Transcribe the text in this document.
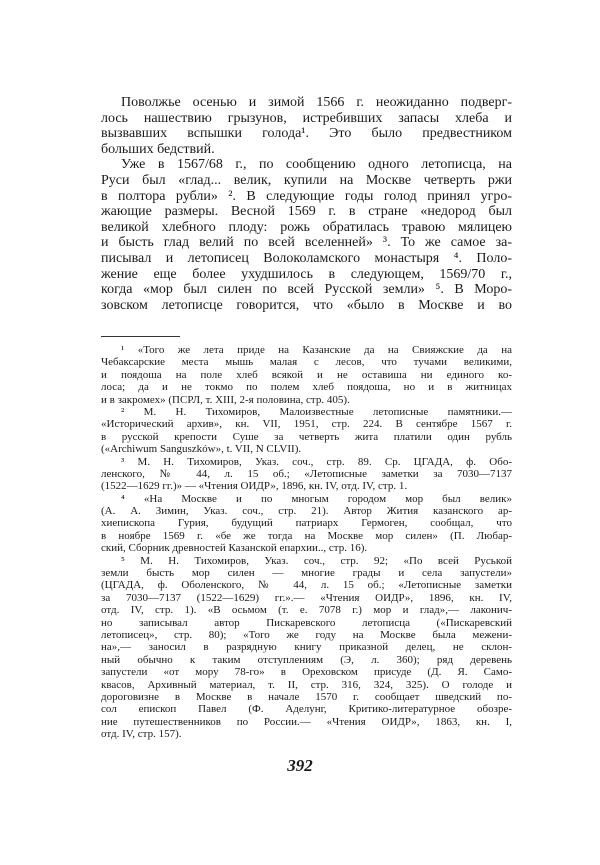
Поволжье осенью и зимой 1566 г. неожиданно подверг-
лось нашествию грызунов, истребивших запасы хлеба и
вызвавших вспышки голода¹. Это было предвестником
больших бедствий.
Уже в 1567/68 г., по сообщению одного летописца, на
Руси был «глад... велик, купили на Москве четверть ржи
в полтора рубли» ². В следующие годы голод принял угро-
жающие размеры. Весной 1569 г. в стране «недород был
великой хлебного плоду: рожь обратилась травою мялицею
и бысть глад велий по всей вселенней» ³. То же самое за-
писывал и летописец Волоколамского монастыря ⁴. Поло-
жение еще более ухудшилось в следующем, 1569/70 г.,
когда «мор был силен по всей Русской земли» ⁵. В Моро-
зовском летописце говорится, что «было в Москве и во
¹ «Того же лета приде на Казанские да на Свияжские да на
Чебаксарские места мышь малая с лесов, что тучами великими,
и поядоша на поле хлеб всякой и не оставиша ни единого ко-
лоса; да и не токмо по полем хлеб поядоша, но и в житницах
и в закромех» (ПСРЛ, т. XIII, 2-я половина, стр. 405).
² М. Н. Тихомиров, Малоизвестные летописные памятники.—
«Исторический архив», кн. VII, 1951, стр. 224. В сентябре 1567 г.
в русской крепости Суше за четверть жита платили один рубль
(«Archiwum Sanguszków», t. VII, N CLVII).
³ М. Н. Тихомиров, Указ. соч., стр. 89. Ср. ЦГАДА, ф. Обо-
ленского, № 44, л. 15 об.; «Летописные заметки за 7030—7137
(1522—1629 гг.)» — «Чтения ОИДР», 1896, кн. IV, отд. IV, стр. 1.
⁴ «На Москве и по многым городом мор был велик»
(А. А. Зимин, Указ. соч., стр. 21). Автор Жития казанского ар-
хиепископа Гурия, будущий патриарх Гермоген, сообщал, что
в ноябре 1569 г. «бе же тогда на Москве мор силен» (П. Любар-
ский, Сборник древностей Казанской епархии.., стр. 16).
⁵ М. Н. Тихомиров, Указ. соч., стр. 92; «По всей Руськой
земли бысть мор силен — многие грады и села запустели»
(ЦГАДА, ф. Оболенского, № 44, л. 15 об.; «Летописные заметки
за 7030—7137 (1522—1629) гг.».— «Чтения ОИДР», 1896, кн. IV,
отд. IV, стр. 1). «В осьмом (т. е. 7078 г.) мор и глад»,— лаконич-
но записывал автор Пискаревского летописца («Пискаревский
летописец», стр. 80); «Того же году на Москве была межени-
на»,— заносил в разрядную книгу приказной делец, не склон-
ный обычно к таким отступлениям (Э, л. 360); ряд деревень
запустели «от мору 78-го» в Ореховском присуде (Д. Я. Само-
квасов, Архивный материал, т. II, стр. 316, 324, 325). О голоде и
дороговизне в Москве в начале 1570 г. сообщает шведский по-
сол епископ Павел (Ф. Аделунг, Критико-литературное обозре-
ние путешественников по России.— «Чтения ОИДР», 1863, кн. I,
отд. IV, стр. 157).
392
